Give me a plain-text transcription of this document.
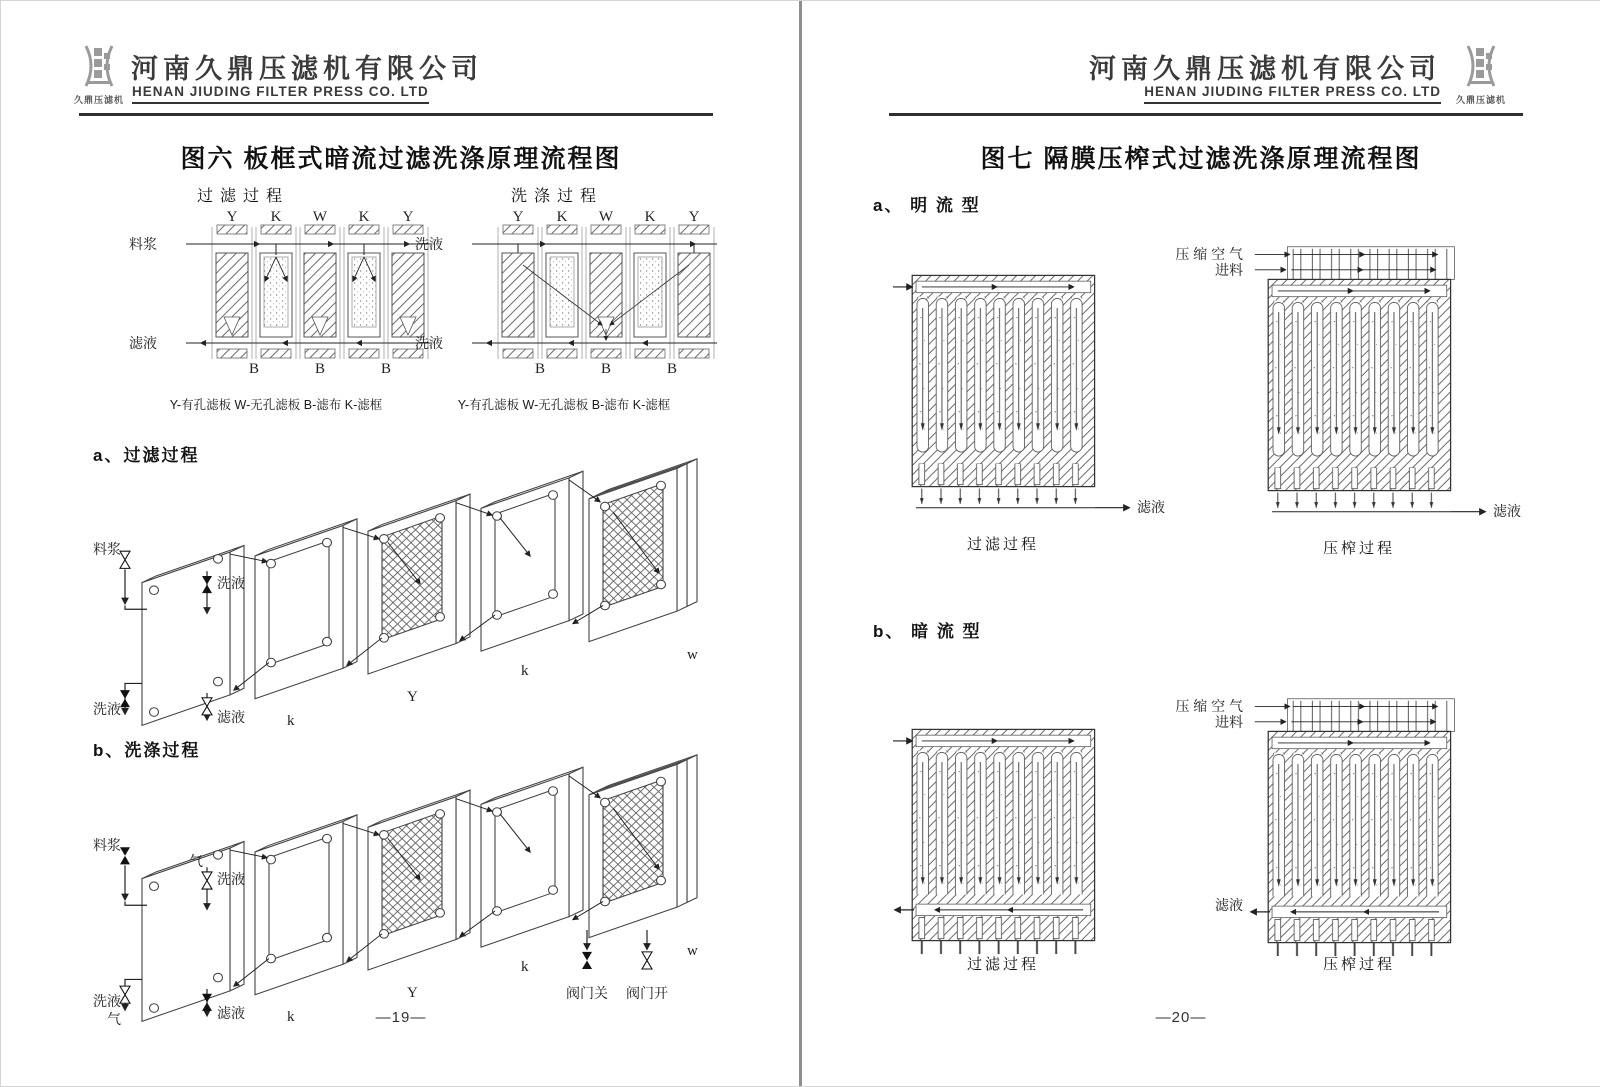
久鼎压滤机
河南久鼎压滤机有限公司
HENAN JIUDING FILTER PRESS CO. LTD
图六 板框式暗流过滤洗涤原理流程图
过滤过程	洗涤过程
料浆
滤液
Y	K	W	K	Y
B	B	B
洗液
洗液
Y	K	W	K	Y
B	B	B
Y-有孔滤板 W-无孔滤板 B-滤布 K-滤框	Y-有孔滤板 W-无孔滤板 B-滤布 K-滤框
a、过滤过程
料浆
洗液
洗液	滤液	k
Y
k
w
b、洗涤过程
料浆
气
洗液
洗液
气	滤液	k
Y
k
w
阀门关	阀门开
—19—
河南久鼎压滤机有限公司
HENAN JIUDING FILTER PRESS CO. LTD
久鼎压滤机
图七 隔膜压榨式过滤洗涤原理流程图
a、 明 流 型
滤液
过滤过程
压 缩 空 气
进料
滤液
压榨过程
b、 暗 流 型
过滤过程
压 缩 空 气
进料
滤液
压榨过程
—20—
